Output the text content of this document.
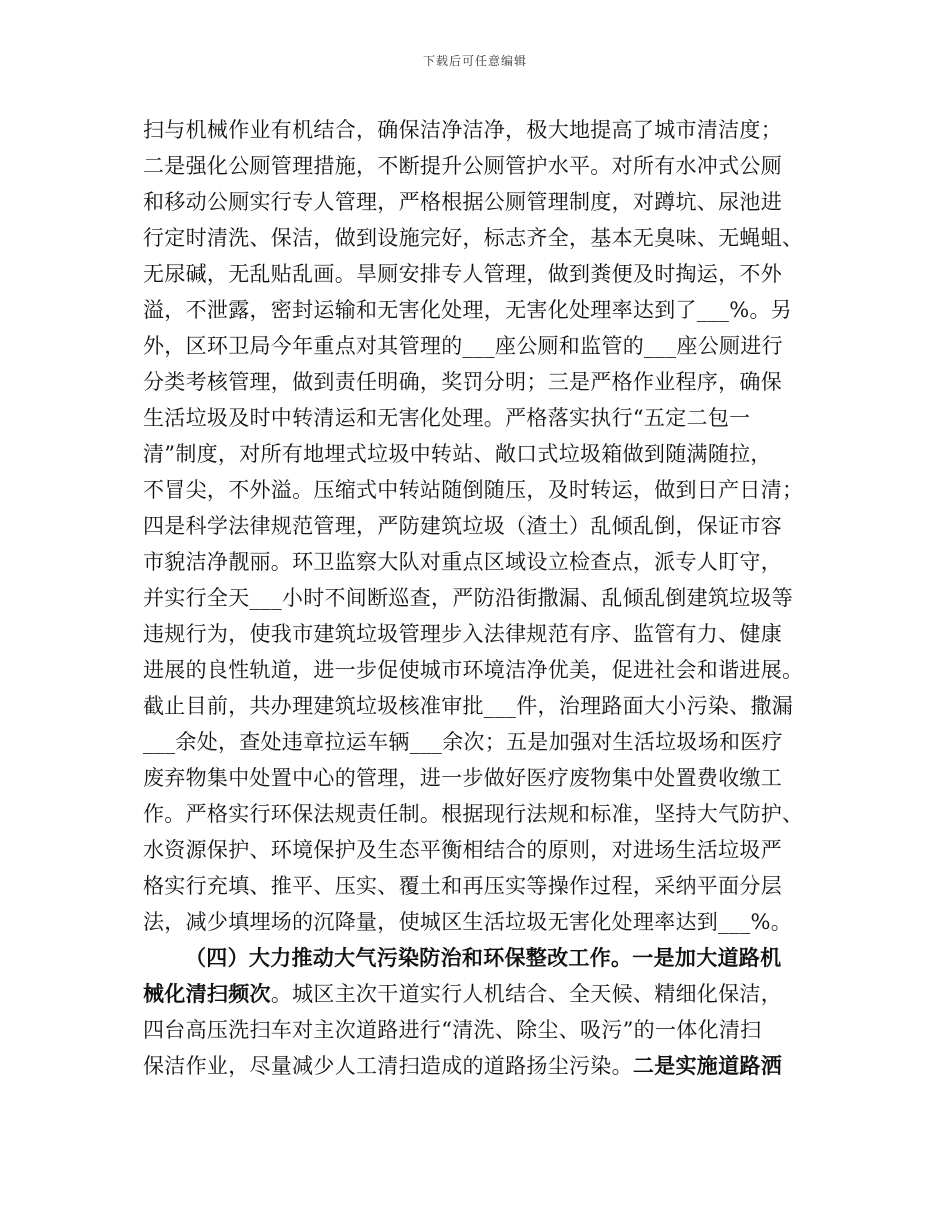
下载后可任意编辑
扫与机械作业有机结合，确保洁净洁净，极大地提高了城市清洁度；
二是强化公厕管理措施，不断提升公厕管护水平。对所有水冲式公厕
和移动公厕实行专人管理，严格根据公厕管理制度，对蹲坑、尿池进
行定时清洗、保洁，做到设施完好，标志齐全，基本无臭味、无蝇蛆、
无尿碱，无乱贴乱画。旱厕安排专人管理，做到粪便及时掏运，不外
溢，不泄露，密封运输和无害化处理，无害化处理率达到了___%。另
外，区环卫局今年重点对其管理的___座公厕和监管的___座公厕进行
分类考核管理，做到责任明确，奖罚分明；三是严格作业程序，确保
生活垃圾及时中转清运和无害化处理。严格落实执行“五定二包一
清”制度，对所有地埋式垃圾中转站、敞口式垃圾箱做到随满随拉，
不冒尖，不外溢。压缩式中转站随倒随压，及时转运，做到日产日清；
四是科学法律规范管理，严防建筑垃圾（渣土）乱倾乱倒，保证市容
市貌洁净靓丽。环卫监察大队对重点区域设立检查点，派专人盯守，
并实行全天___小时不间断巡查，严防沿街撒漏、乱倾乱倒建筑垃圾等
违规行为，使我市建筑垃圾管理步入法律规范有序、监管有力、健康
进展的良性轨道，进一步促使城市环境洁净优美，促进社会和谐进展。
截止目前，共办理建筑垃圾核准审批___件，治理路面大小污染、撒漏
___余处，查处违章拉运车辆___余次；五是加强对生活垃圾场和医疗
废弃物集中处置中心的管理，进一步做好医疗废物集中处置费收缴工
作。严格实行环保法规责任制。根据现行法规和标准，坚持大气防护、
水资源保护、环境保护及生态平衡相结合的原则，对进场生活垃圾严
格实行充填、推平、压实、覆土和再压实等操作过程，采纳平面分层
法，减少填埋场的沉降量，使城区生活垃圾无害化处理率达到___%。
（四）大力推动大气污染防治和环保整改工作。一是加大道路机
械化清扫频次。城区主次干道实行人机结合、全天候、精细化保洁，
四台高压洗扫车对主次道路进行“清洗、除尘、吸污”的一体化清扫
保洁作业，尽量减少人工清扫造成的道路扬尘污染。二是实施道路洒
